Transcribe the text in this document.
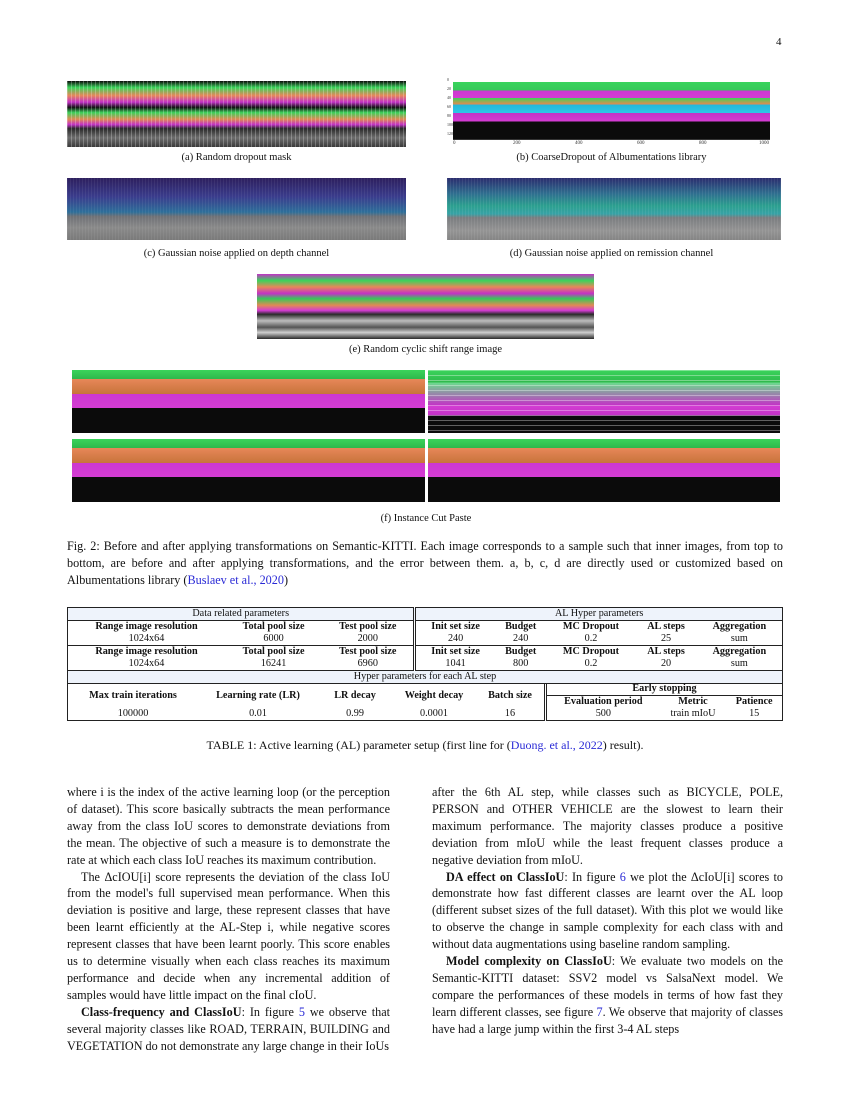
4
(a) Random dropout mask
0	200	400	600	800	1000
0
20
40
60
80
100
120
(b) CoarseDropout of Albumentations library
(c) Gaussian noise applied on depth channel	(d) Gaussian noise applied on remission channel
(e) Random cyclic shift range image
(f) Instance Cut Paste
Fig. 2: Before and after applying transformations on Semantic-KITTI. Each image corresponds to a sample such that inner images, from top to bottom, are before and after applying transformations, and the error between them. a, b, c, d are directly used or customized based on Albumentations library (Buslaev et al., 2020)
Data related parameters			AL Hyper parameters				
Range image resolution	Total pool size	Test pool size	Init set size	Budget	MC Dropout	AL steps	Aggregation
1024x64	6000	2000	240	240	0.2	25	sum
Range image resolution	Total pool size	Test pool size	Init set size	Budget	MC Dropout	AL steps	Aggregation
1024x64	16241	6960	1041	800	0.2	20	sum
Hyper parameters for each AL step							
Max train iterations	Learning rate (LR)	LR decay	Weight decay	Batch size	Early stopping		
					Evaluation period	Metric	Patience
100000	0.01	0.99	0.0001	16	500	train mIoU	15
TABLE 1: Active learning (AL) parameter setup (first line for (Duong. et al., 2022) result).

where i is the index of the active learning loop (or the perception of dataset). This score basically subtracts the mean performance away from the class IoU scores to demonstrate deviations from the mean. The objective of such a measure is to demonstrate the rate at which each class IoU reaches its maximum contribution.

The ΔcIOU[i] score represents the deviation of the class IoU from the model's full supervised mean performance. When this deviation is positive and large, these represent classes that have been learnt efficiently at the AL-Step i, while negative scores represent classes that have been learnt poorly. This score enables us to determine visually when each class reaches its maximum performance and decide when any incremental addition of samples would have little impact on the final cIoU.

Class-frequency and ClassIoU: In figure 5 we observe that several majority classes like ROAD, TERRAIN, BUILDING and VEGETATION do not demonstrate any large change in their IoUs

after the 6th AL step, while classes such as BICYCLE, POLE, PERSON and OTHER VEHICLE are the slowest to learn their maximum performance. The majority classes produce a positive deviation from mIoU while the least frequent classes produce a negative deviation from mIoU.

DA effect on ClassIoU: In figure 6 we plot the ΔcIoU[i] scores to demonstrate how fast different classes are learnt over the AL loop (different subset sizes of the full dataset). With this plot we would like to observe the change in sample complexity for each class with and without data augmentations using baseline random sampling.

Model complexity on ClassIoU: We evaluate two models on the Semantic-KITTI dataset: SSV2 model vs SalsaNext model. We compare the performances of these models in terms of how fast they learn different classes, see figure 7. We observe that majority of classes have had a large jump within the first 3-4 AL steps
